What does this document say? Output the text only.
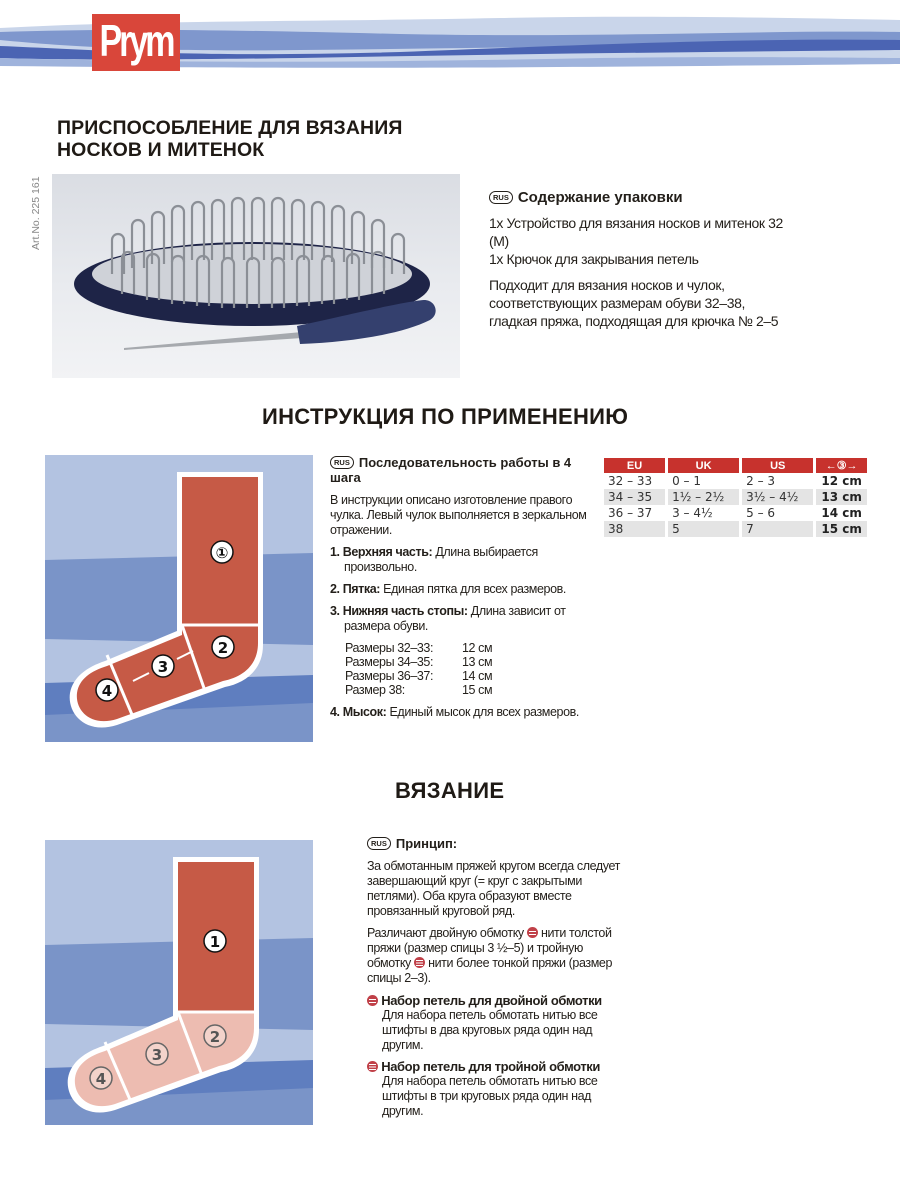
Prym
ПРИСПОСОБЛЕНИЕ ДЛЯ ВЯЗАНИЯ НОСКОВ И МИТЕНОК
Art.No. 225 161	RUS Содержание упаковки

1x Устройство для вязания носков и митенок 32 (M)
1x Крючок для закрывания петель

Подходит для вязания носков и чулок, соответствующих размерам обуви 32–38, гладкая пряжа, подходящая для крючка № 2–5

ИНСТРУКЦИЯ ПО ПРИМЕНЕНИЮ
①
2
3
4
RUS Последовательность работы в 4 шага

В инструкции описано изготовление правого чулка. Левый чулок выполняется в зеркальном отражении.

1. Верхняя часть: Длина выбирается произвольно.
2. Пятка: Единая пятка для всех размеров.
3. Нижняя часть стопы: Длина зависит от размера обуви.
Размеры 32–33:	12 см
Размеры 34–35:	13 см
Размеры 36–37:	14 см
Размер 38:	15 см
4. Мысок: Единый мысок для всех размеров.
EU	UK	US	←③→
32 – 33	0 – 1	2 – 3	12 cm
34 – 35	1½ – 2½	3½ – 4½	13 cm
36 – 37	3 – 4½	5 – 6	14 cm
38	5	7	15 cm
ВЯЗАНИЕ
1
2
3
4
RUS Принцип:

За обмотанным пряжей кругом всегда следует завершающий круг (= круг с закрытыми петлями). Оба круга образуют вместе провязанный круговой ряд.

Различают двойную обмотку нити толстой пряжи (размер спицы 3 ½–5) и тройную обмотку нити более тонкой пряжи (размер спицы 2–3).

Набор петель для двойной обмотки
Для набора петель обмотать нитью все штифты в два круговых ряда один над другим.
Набор петель для тройной обмотки
Для набора петель обмотать нитью все штифты в три круговых ряда один над другим.
